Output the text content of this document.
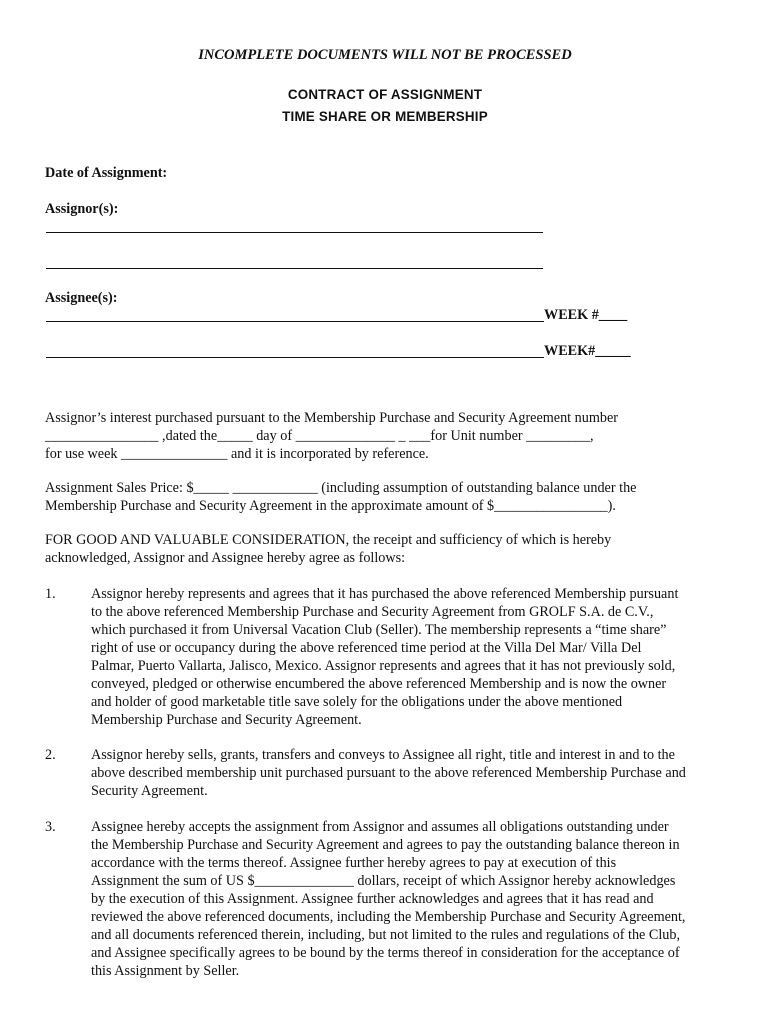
INCOMPLETE DOCUMENTS WILL NOT BE PROCESSED
CONTRACT OF ASSIGNMENT
TIME SHARE OR MEMBERSHIP
Date of Assignment:
Assignor(s):
Assignee(s):
WEEK #____
WEEK#_____
Assignor’s interest purchased pursuant to the Membership Purchase and Security Agreement number
________________ ,dated the_____ day of ______________ _ ___for Unit number _________,
for use week _______________ and it is incorporated by reference.
Assignment Sales Price: $_____ ____________ (including assumption of outstanding balance under the
Membership Purchase and Security Agreement in the approximate amount of $________________).
FOR GOOD AND VALUABLE CONSIDERATION, the receipt and sufficiency of which is hereby
acknowledged, Assignor and Assignee hereby agree as follows:
1. Assignor hereby represents and agrees that it has purchased the above referenced Membership pursuant
to the above referenced Membership Purchase and Security Agreement from GROLF S.A. de C.V.,
which purchased it from Universal Vacation Club (Seller). The membership represents a “time share”
right of use or occupancy during the above referenced time period at the Villa Del Mar/ Villa Del
Palmar, Puerto Vallarta, Jalisco, Mexico. Assignor represents and agrees that it has not previously sold,
conveyed, pledged or otherwise encumbered the above referenced Membership and is now the owner
and holder of good marketable title save solely for the obligations under the above mentioned
Membership Purchase and Security Agreement.
2. Assignor hereby sells, grants, transfers and conveys to Assignee all right, title and interest in and to the
above described membership unit purchased pursuant to the above referenced Membership Purchase and
Security Agreement.
3. Assignee hereby accepts the assignment from Assignor and assumes all obligations outstanding under
the Membership Purchase and Security Agreement and agrees to pay the outstanding balance thereon in
accordance with the terms thereof. Assignee further hereby agrees to pay at execution of this
Assignment the sum of US $______________ dollars, receipt of which Assignor hereby acknowledges
by the execution of this Assignment. Assignee further acknowledges and agrees that it has read and
reviewed the above referenced documents, including the Membership Purchase and Security Agreement,
and all documents referenced therein, including, but not limited to the rules and regulations of the Club,
and Assignee specifically agrees to be bound by the terms thereof in consideration for the acceptance of
this Assignment by Seller.
